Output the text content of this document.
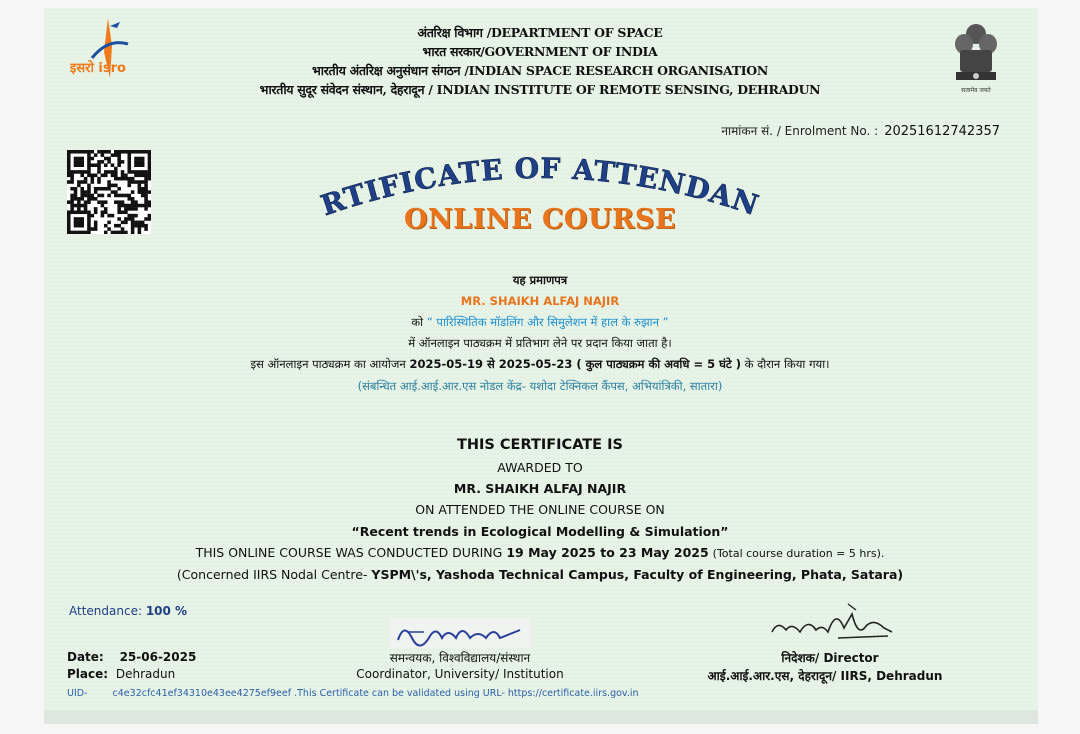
इसरो isro
अंतरिक्ष विभाग /DEPARTMENT OF SPACE
भारत सरकार/GOVERNMENT OF INDIA
भारतीय अंतरिक्ष अनुसंधान संगठन /INDIAN SPACE RESEARCH ORGANISATION
भारतीय सुदूर संवेदन संस्थान, देहरादून / INDIAN INSTITUTE OF REMOTE SENSING, DEHRADUN	सत्यमेव जयते
नामांकन सं. / Enrolment No. : 20251612742357
RTIFICATE OF ATTENDAN
ONLINE COURSE
यह प्रमाणपत्र
MR. SHAIKH ALFAJ NAJIR
को “ पारिस्थितिक मॉडलिंग और सिमुलेशन में हाल के रुझान ”
में ऑनलाइन पाठ्यक्रम में प्रतिभाग लेने पर प्रदान किया जाता है।
इस ऑनलाइन पाठ्यक्रम का आयोजन 2025-05-19 से 2025-05-23 ( कुल पाठ्यक्रम की अवधि = 5 घंटे ) के दौरान किया गया।
(संबन्धित आई.आई.आर.एस नोडल केंद्र- यशोदा टेक्निकल कैंपस, अभियांत्रिकी, सातारा)
THIS CERTIFICATE IS
AWARDED TO
MR. SHAIKH ALFAJ NAJIR
ON ATTENDED THE ONLINE COURSE ON
“Recent trends in Ecological Modelling & Simulation”
THIS ONLINE COURSE WAS CONDUCTED DURING 19 May 2025 to 23 May 2025 (Total course duration = 5 hrs).
(Concerned IIRS Nodal Centre- YSPM\'s, Yashoda Technical Campus, Faculty of Engineering, Phata, Satara)
Attendance: 100 %
Date: 25-06-2025
Place: Dehradun
समन्वयक, विश्वविद्यालय/संस्थान
Coordinator, University/ Institution
निदेशक/ Director
आई.आई.आर.एस, देहरादून/ IIRS, Dehradun
UID-	c4e32cfc41ef34310e43ee4275ef9eef .This Certificate can be validated using URL- https://certificate.iirs.gov.in
